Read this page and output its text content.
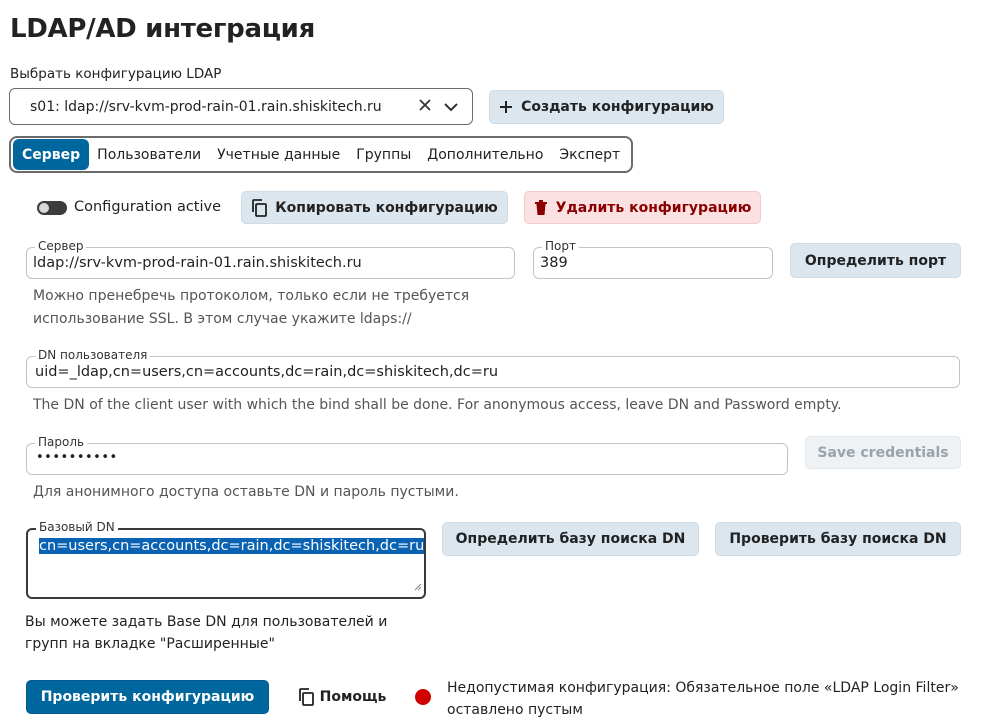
LDAP/AD интеграция
Выбрать конфигурацию LDAP
s01: ldap://srv-kvm-prod-rain-01.rain.shiskitech.ru	Создать конфигурацию
Сервер	Пользователи	Учетные данные	Группы	Дополнительно	Эксперт
Configuration active	Копировать конфигурацию	Удалить конфигурацию
Сервер
ldap://srv-kvm-prod-rain-01.rain.shiskitech.ru
Порт
389	Определить порт
Можно пренебречь протоколом, только если не требуется
использование SSL. В этом случае укажите ldaps://
DN пользователя
uid=_ldap,cn=users,cn=accounts,dc=rain,dc=shiskitech,dc=ru
The DN of the client user with which the bind shall be done. For anonymous access, leave DN and Password empty.
Пароль
••••••••••	Save credentials
Для анонимного доступа оставьте DN и пароль пустыми.
Базовый DN
cn=users,cn=accounts,dc=rain,dc=shiskitech,dc=ru	Определить базу поиска DN	Проверить базу поиска DN
Вы можете задать Base DN для пользователей и
групп на вкладке "Расширенные"
Проверить конфигурацию	Помощь
Недопустимая конфигурация: Обязательное поле «LDAP Login Filter»
оставлено пустым
